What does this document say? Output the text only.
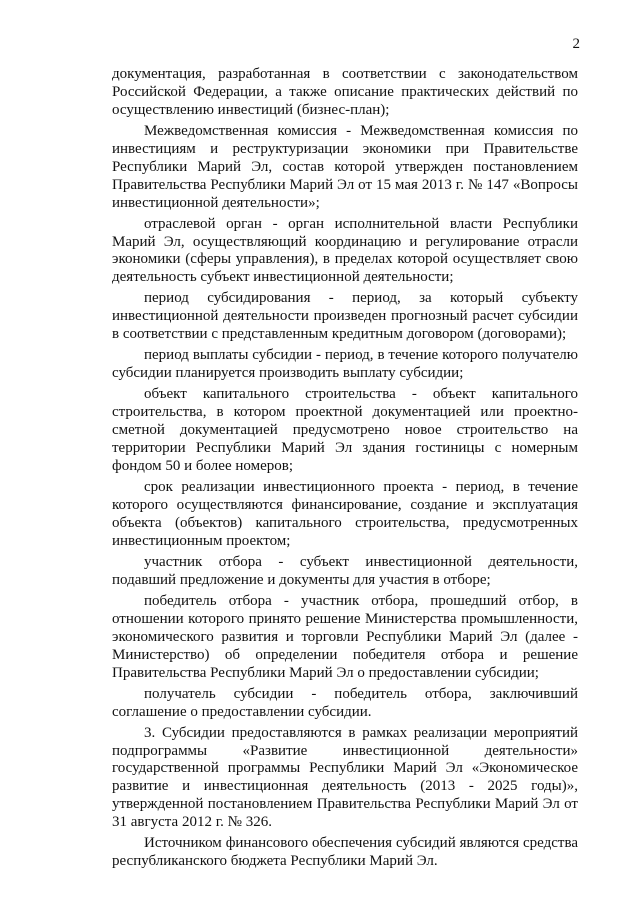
2

документация, разработанная в соответствии с законодательством Российской Федерации, а также описание практических действий по осуществлению инвестиций (бизнес-план);

Межведомственная комиссия - Межведомственная комиссия по инвестициям и реструктуризации экономики при Правительстве Республики Марий Эл, состав которой утвержден постановлением Правительства Республики Марий Эл от 15 мая 2013 г. № 147 «Вопросы инвестиционной деятельности»;

отраслевой орган - орган исполнительной власти Республики Марий Эл, осуществляющий координацию и регулирование отрасли экономики (сферы управления), в пределах которой осуществляет свою деятельность субъект инвестиционной деятельности;

период субсидирования - период, за который субъекту инвестиционной деятельности произведен прогнозный расчет субсидии в соответствии с представленным кредитным договором (договорами);

период выплаты субсидии - период, в течение которого получателю субсидии планируется производить выплату субсидии;

объект капитального строительства - объект капитального строительства, в котором проектной документацией или проектно-сметной документацией предусмотрено новое строительство на территории Республики Марий Эл здания гостиницы с номерным фондом 50 и более номеров;

срок реализации инвестиционного проекта - период, в течение которого осуществляются финансирование, создание и эксплуатация объекта (объектов) капитального строительства, предусмотренных инвестиционным проектом;

участник отбора - субъект инвестиционной деятельности, подавший предложение и документы для участия в отборе;

победитель отбора - участник отбора, прошедший отбор, в отношении которого принято решение Министерства промышленности, экономического развития и торговли Республики Марий Эл (далее - Министерство) об определении победителя отбора и решение Правительства Республики Марий Эл о предоставлении субсидии;

получатель субсидии - победитель отбора, заключивший соглашение о предоставлении субсидии.

3. Субсидии предоставляются в рамках реализации мероприятий подпрограммы «Развитие инвестиционной деятельности» государственной программы Республики Марий Эл «Экономическое развитие и инвестиционная деятельность (2013 - 2025 годы)», утвержденной постановлением Правительства Республики Марий Эл от 31 августа 2012 г. № 326.

Источником финансового обеспечения субсидий являются средства республиканского бюджета Республики Марий Эл.
